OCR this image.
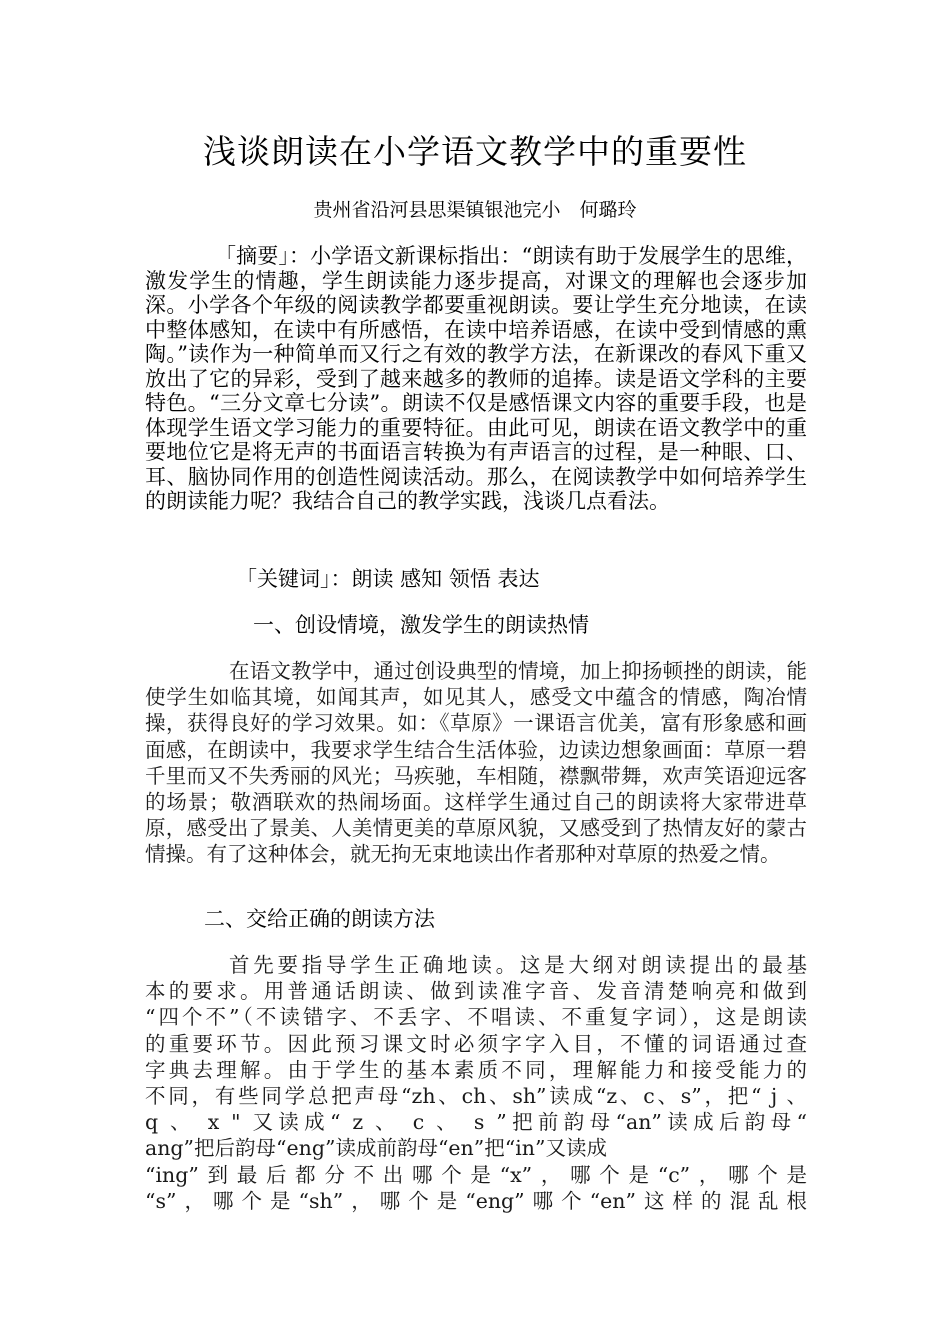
浅谈朗读在小学语文教学中的重要性
贵州省沿河县思渠镇银池完小　何璐玲
「摘要」：小学语文新课标指出：“朗读有助于发展学生的思维，激发学生的情趣，学生朗读能力逐步提高，对课文的理解也会逐步加深。小学各个年级的阅读教学都要重视朗读。要让学生充分地读，在读中整体感知，在读中有所感悟，在读中培养语感，在读中受到情感的熏陶。”读作为一种简单而又行之有效的教学方法，在新课改的春风下重又放出了它的异彩，受到了越来越多的教师的追捧。读是语文学科的主要特色。“三分文章七分读”。朗读不仅是感悟课文内容的重要手段，也是体现学生语文学习能力的重要特征。由此可见，朗读在语文教学中的重要地位它是将无声的书面语言转换为有声语言的过程，是一种眼、口、耳、脑协同作用的创造性阅读活动。那么，在阅读教学中如何培养学生的朗读能力呢？我结合自己的教学实践，浅谈几点看法。
「关键词」：朗读 感知 领悟 表达
一、创设情境，激发学生的朗读热情
在语文教学中，通过创设典型的情境，加上抑扬顿挫的朗读，能使学生如临其境，如闻其声，如见其人，感受文中蕴含的情感，陶冶情操，获得良好的学习效果。如：《草原》一课语言优美，富有形象感和画面感，在朗读中，我要求学生结合生活体验，边读边想象画面：草原一碧千里而又不失秀丽的风光；马疾驰，车相随，襟飘带舞，欢声笑语迎远客的场景；敬酒联欢的热闹场面。这样学生通过自己的朗读将大家带进草原，感受出了景美、人美情更美的草原风貌，又感受到了热情友好的蒙古情操。有了这种体会，就无拘无束地读出作者那种对草原的热爱之情。
二、交给正确的朗读方法
首先要指导学生正确地读。这是大纲对朗读提出的最基
本的要求。用普通话朗读、做到读准字音、发音清楚响亮和做到
“四个不”（不读错字、不丢字、不唱读、不重复字词），这是朗读
的重要环节。因此预习课文时必须字字入目，不懂的词语通过查
字典去理解。由于学生的基本素质不同，理解能力和接受能力的
不同，有些同学总把声母“zh、ch、sh”读成“z、c、s”，把“ j 、
q 、 x " 又读成“ z 、 c 、 s ”把前韵母“an”读成后韵母“
ang”把后韵母“eng”读成前韵母“en”把“in”又读成
“ing”到最后都分不出哪个是“x”，哪个是“c”，哪个是
“s”，哪个是“sh”，哪个是“eng”哪个“en”这样的混乱根
